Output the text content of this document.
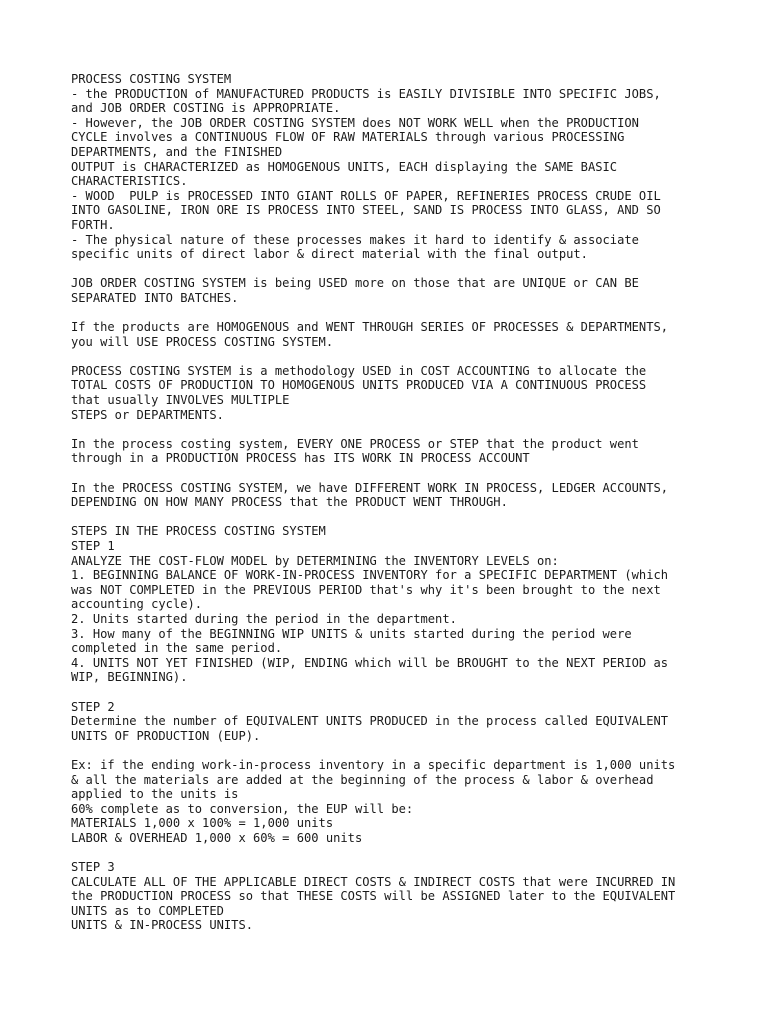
PROCESS COSTING SYSTEM
- the PRODUCTION of MANUFACTURED PRODUCTS is EASILY DIVISIBLE INTO SPECIFIC JOBS,
and JOB ORDER COSTING is APPROPRIATE.
- However, the JOB ORDER COSTING SYSTEM does NOT WORK WELL when the PRODUCTION
CYCLE involves a CONTINUOUS FLOW OF RAW MATERIALS through various PROCESSING
DEPARTMENTS, and the FINISHED
OUTPUT is CHARACTERIZED as HOMOGENOUS UNITS, EACH displaying the SAME BASIC
CHARACTERISTICS.
- WOOD  PULP is PROCESSED INTO GIANT ROLLS OF PAPER, REFINERIES PROCESS CRUDE OIL
INTO GASOLINE, IRON ORE IS PROCESS INTO STEEL, SAND IS PROCESS INTO GLASS, AND SO
FORTH.
- The physical nature of these processes makes it hard to identify & associate
specific units of direct labor & direct material with the final output.
JOB ORDER COSTING SYSTEM is being USED more on those that are UNIQUE or CAN BE
SEPARATED INTO BATCHES.
If the products are HOMOGENOUS and WENT THROUGH SERIES OF PROCESSES & DEPARTMENTS,
you will USE PROCESS COSTING SYSTEM.
PROCESS COSTING SYSTEM is a methodology USED in COST ACCOUNTING to allocate the
TOTAL COSTS OF PRODUCTION TO HOMOGENOUS UNITS PRODUCED VIA A CONTINUOUS PROCESS
that usually INVOLVES MULTIPLE
STEPS or DEPARTMENTS.
In the process costing system, EVERY ONE PROCESS or STEP that the product went
through in a PRODUCTION PROCESS has ITS WORK IN PROCESS ACCOUNT
In the PROCESS COSTING SYSTEM, we have DIFFERENT WORK IN PROCESS, LEDGER ACCOUNTS,
DEPENDING ON HOW MANY PROCESS that the PRODUCT WENT THROUGH.
STEPS IN THE PROCESS COSTING SYSTEM
STEP 1
ANALYZE THE COST-FLOW MODEL by DETERMINING the INVENTORY LEVELS on:
1. BEGINNING BALANCE OF WORK-IN-PROCESS INVENTORY for a SPECIFIC DEPARTMENT (which
was NOT COMPLETED in the PREVIOUS PERIOD that's why it's been brought to the next
accounting cycle).
2. Units started during the period in the department.
3. How many of the BEGINNING WIP UNITS & units started during the period were
completed in the same period.
4. UNITS NOT YET FINISHED (WIP, ENDING which will be BROUGHT to the NEXT PERIOD as
WIP, BEGINNING).
STEP 2
Determine the number of EQUIVALENT UNITS PRODUCED in the process called EQUIVALENT
UNITS OF PRODUCTION (EUP).
Ex: if the ending work-in-process inventory in a specific department is 1,000 units
& all the materials are added at the beginning of the process & labor & overhead
applied to the units is
60% complete as to conversion, the EUP will be:
MATERIALS 1,000 x 100% = 1,000 units
LABOR & OVERHEAD 1,000 x 60% = 600 units
STEP 3
CALCULATE ALL OF THE APPLICABLE DIRECT COSTS & INDIRECT COSTS that were INCURRED IN
the PRODUCTION PROCESS so that THESE COSTS will be ASSIGNED later to the EQUIVALENT
UNITS as to COMPLETED
UNITS & IN-PROCESS UNITS.
